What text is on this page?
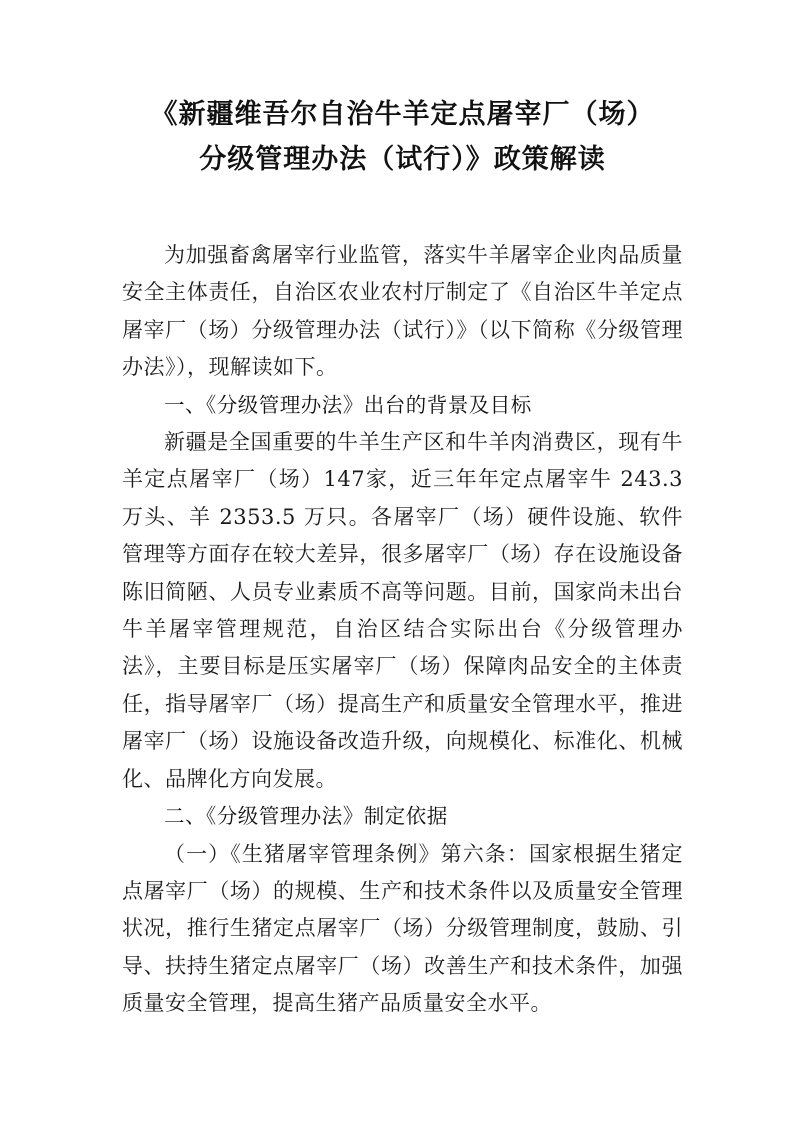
《新疆维吾尔自治牛羊定点屠宰厂（场）
分级管理办法（试行）》政策解读

为加强畜禽屠宰行业监管，落实牛羊屠宰企业肉品质量安全主体责任，自治区农业农村厅制定了《自治区牛羊定点屠宰厂（场）分级管理办法（试行）》（以下简称《分级管理办法》），现解读如下。

一、《分级管理办法》出台的背景及目标

新疆是全国重要的牛羊生产区和牛羊肉消费区，现有牛羊定点屠宰厂（场）147家，近三年年定点屠宰牛 243.3 万头、羊 2353.5 万只。各屠宰厂（场）硬件设施、软件管理等方面存在较大差异，很多屠宰厂（场）存在设施设备陈旧简陋、人员专业素质不高等问题。目前，国家尚未出台牛羊屠宰管理规范，自治区结合实际出台《分级管理办法》，主要目标是压实屠宰厂（场）保障肉品安全的主体责任，指导屠宰厂（场）提高生产和质量安全管理水平，推进屠宰厂（场）设施设备改造升级，向规模化、标准化、机械化、品牌化方向发展。

二、《分级管理办法》制定依据

（一）《生猪屠宰管理条例》第六条：国家根据生猪定点屠宰厂（场）的规模、生产和技术条件以及质量安全管理状况，推行生猪定点屠宰厂（场）分级管理制度，鼓励、引导、扶持生猪定点屠宰厂（场）改善生产和技术条件，加强质量安全管理，提高生猪产品质量安全水平。
